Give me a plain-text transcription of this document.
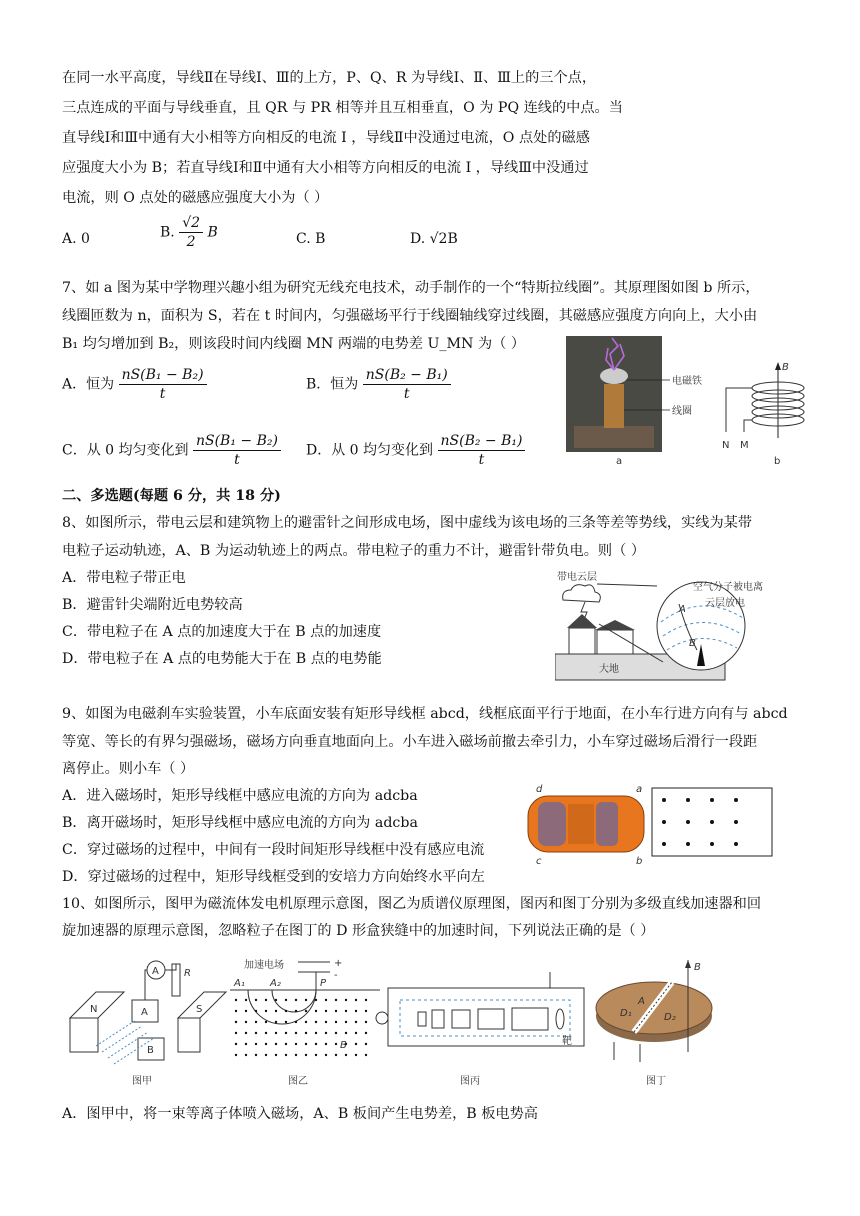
在同一水平高度，导线Ⅱ在导线Ⅰ、Ⅲ的上方，P、Q、R 为导线Ⅰ、Ⅱ、Ⅲ上的三个点，
三点连成的平面与导线垂直，且 QR 与 PR 相等并且互相垂直，O 为 PQ 连线的中点。当
直导线Ⅰ和Ⅲ中通有大小相等方向相反的电流 I ，导线Ⅱ中没通过电流，O 点处的磁感
应强度大小为 B；若直导线Ⅰ和Ⅱ中通有大小相等方向相反的电流 I ，导线Ⅲ中没通过
电流，则 O 点处的磁感应强度大小为（ ）
A. 0	B. $\frac{√2}{2}$ B	C. B	D. √2B
7、如 a 图为某中学物理兴趣小组为研究无线充电技术，动手制作的一个“特斯拉线圈”。其原理图如图 b 所示，
线圈匝数为 n，面积为 S，若在 t 时间内，匀强磁场平行于线圈轴线穿过线圈，其磁感应强度方向向上，大小由
B₁ 均匀增加到 B₂，则该段时间内线圈 MN 两端的电势差 U_MN 为（ ）
A．恒为 $\frac{\text{nS(B₁ − B₂)}}{t}$	B．恒为 $\frac{\text{nS(B₂ − B₁)}}{t}$
C．从 0 均匀变化到 $\frac{\text{nS(B₁ − B₂)}}{t}$ D．从 0 均匀变化到 $\frac{\text{nS(B₂ − B₁)}}{t}$
电磁铁
线圈
a
B
N M
b
二、多选题(每题 6 分，共 18 分)
8、如图所示，带电云层和建筑物上的避雷针之间形成电场，图中虚线为该电场的三条等差等势线，实线为某带
电粒子运动轨迹，A、B 为运动轨迹上的两点。带电粒子的重力不计，避雷针带负电。则（ ）
A．带电粒子带正电
B．避雷针尖端附近电势较高
C．带电粒子在 A 点的加速度大于在 B 点的加速度
D．带电粒子在 A 点的电势能大于在 B 点的电势能
带电云层
大地
A
B
空气分子被电离
云层放电
9、如图为电磁刹车实验装置，小车底面安装有矩形导线框 abcd，线框底面平行于地面，在小车行进方向有与 abcd
等宽、等长的有界匀强磁场，磁场方向垂直地面向上。小车进入磁场前撤去牵引力，小车穿过磁场后滑行一段距
离停止。则小车（ ）
A．进入磁场时，矩形导线框中感应电流的方向为 adcba
B．离开磁场时，矩形导线框中感应电流的方向为 adcba
C．穿过磁场的过程中，中间有一段时间矩形导线框中没有感应电流
D．穿过磁场的过程中，矩形导线框受到的安培力方向始终水平向左
d	a
c	b
10、如图所示，图甲为磁流体发电机原理示意图，图乙为质谱仪原理图，图丙和图丁分别为多级直线加速器和回
旋加速器的原理示意图，忽略粒子在图丁的 D 形盒狭缝中的加速时间，下列说法正确的是（ ）
N	S
A
B
A	R
图甲
加速电场	+
-
A₁	A₂	P
B
图乙
靶
图丙
B
D₁	D₂
A
图丁
A．图甲中，将一束等离子体喷入磁场，A、B 板间产生电势差，B 板电势高
